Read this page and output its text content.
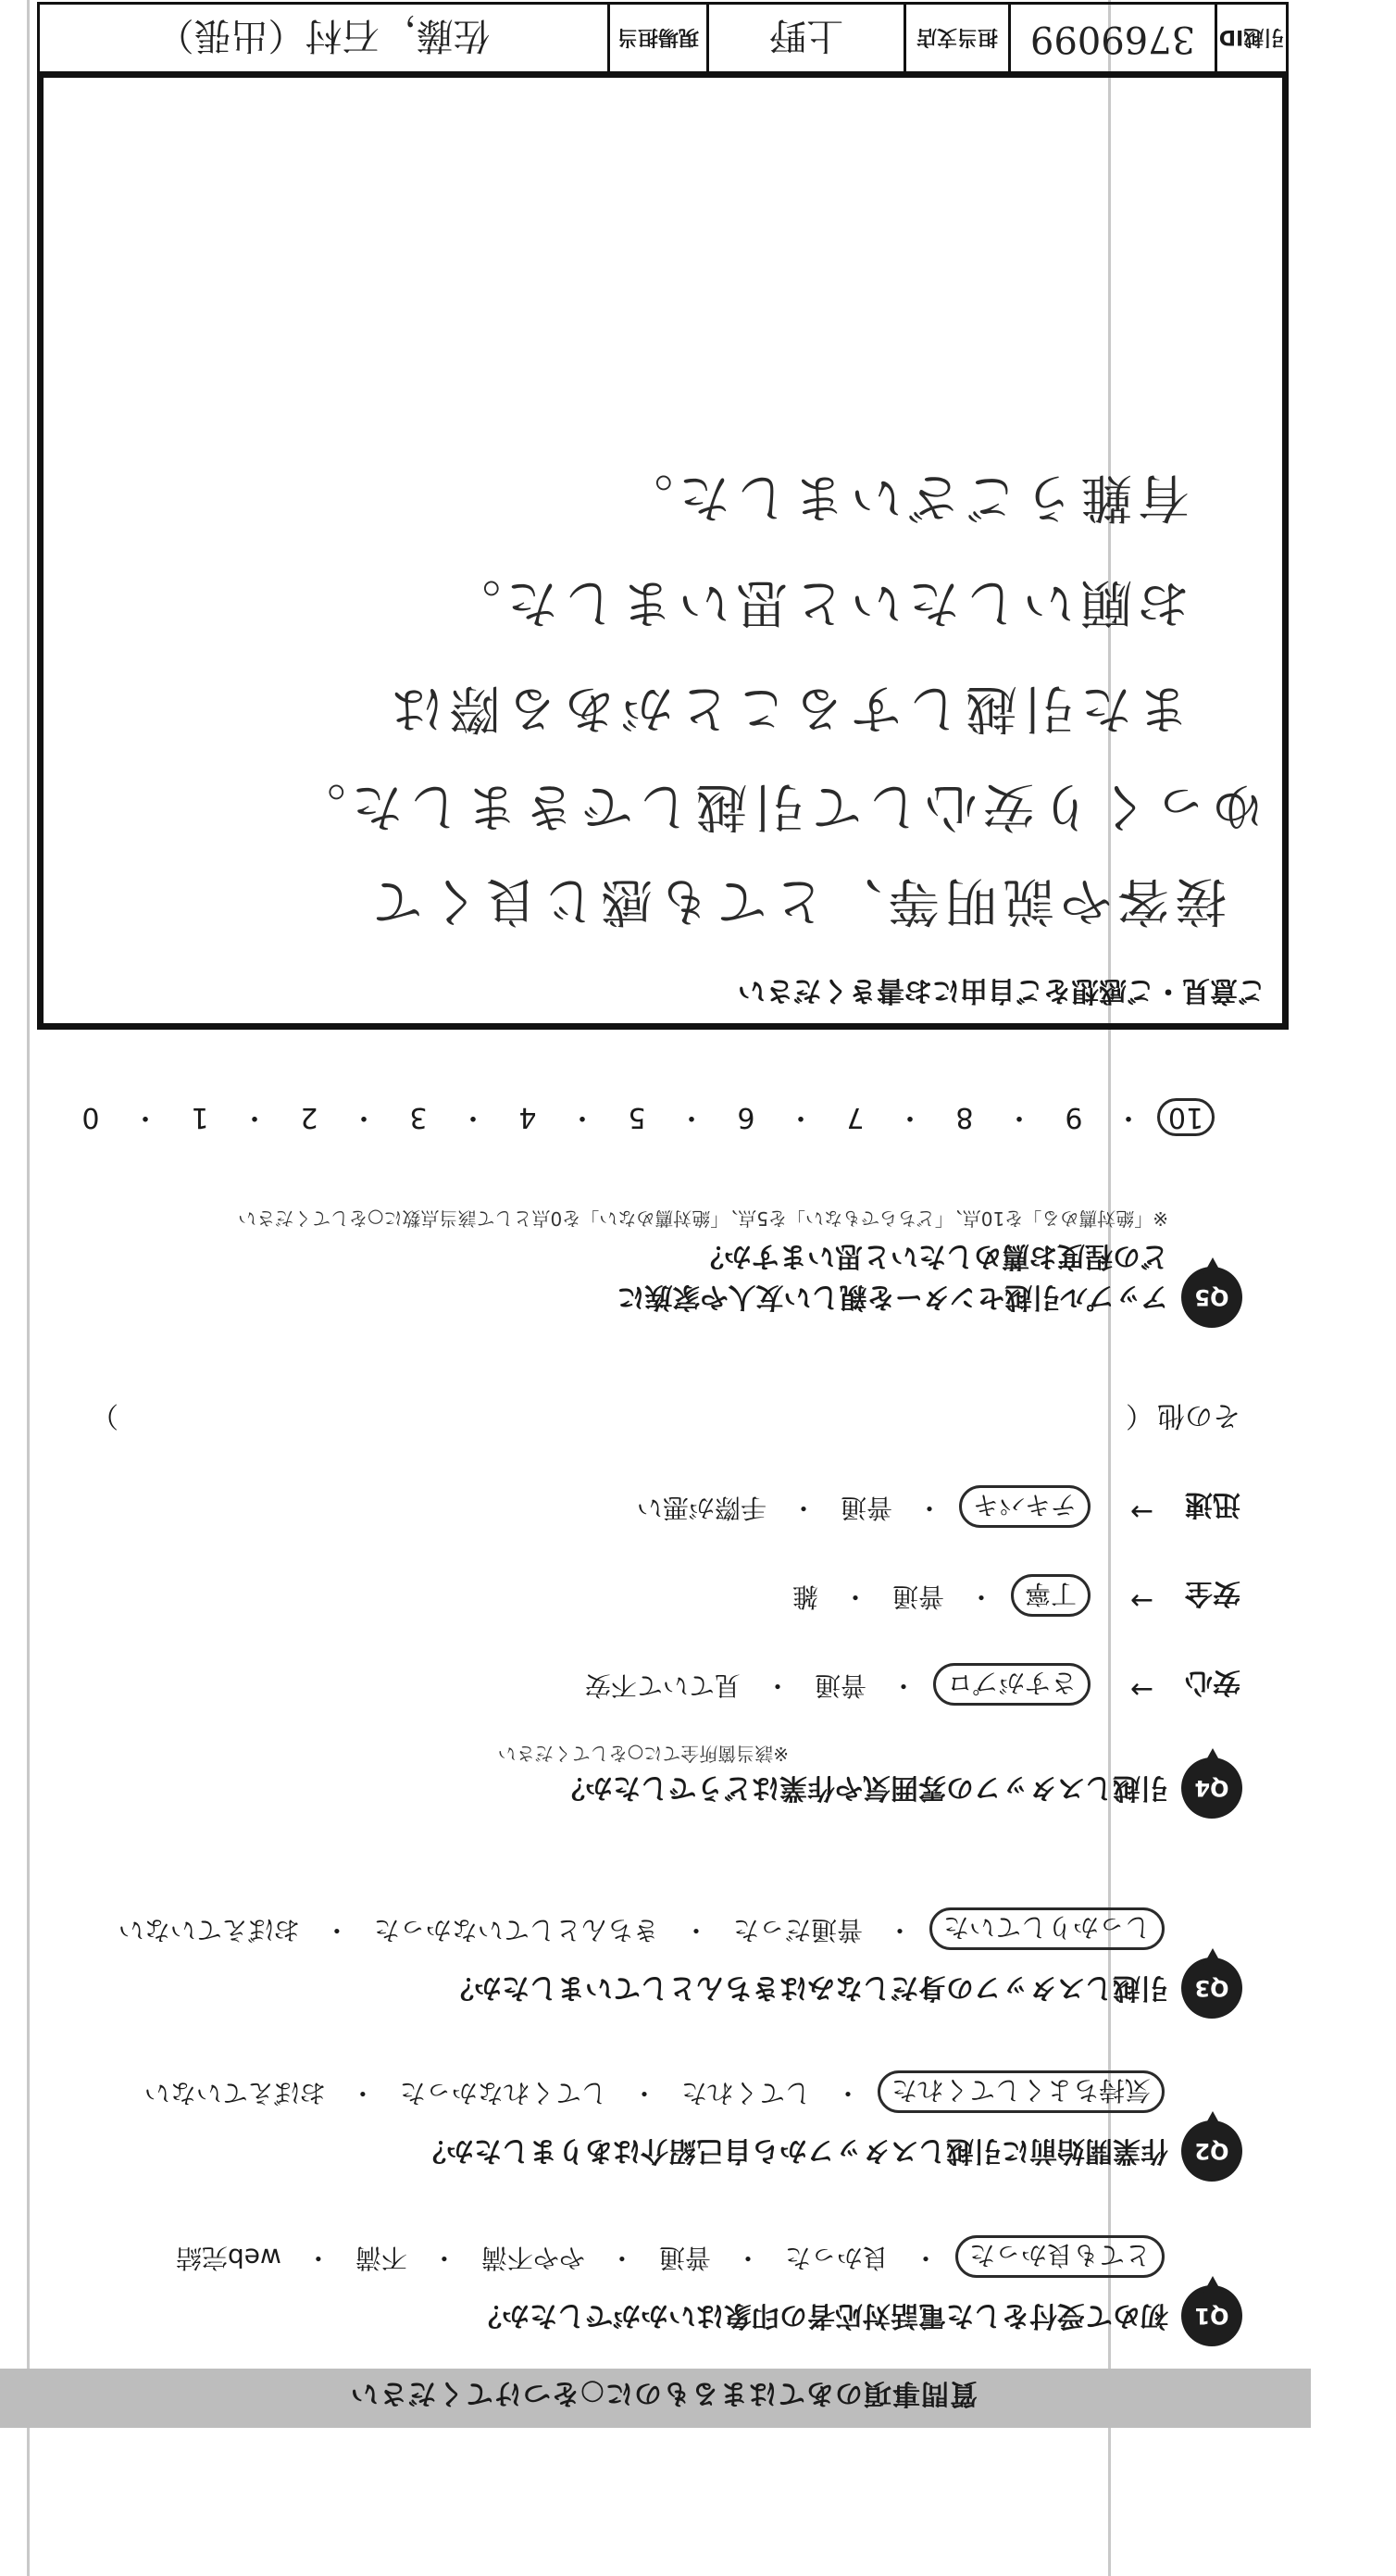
質問事項のあてはまるものに○をつけてください
Q1
初めて受付をした電話対応者の印象はいかがでしたか？
とても良かった
・
良かった
・
普通
・
やや不満
・
不満
・
web完結
Q2
作業開始前に引越しスタッフから自己紹介はありましたか？
気持ちよくしてくれた
・
してくれた
・
してくれなかった
・
おぼえていない
Q3
引越しスタッフの身だしなみはきちんとしていましたか？
しっかりしていた
・
普通だった
・
きちんとしていなかった
・
おぼえていない
Q4
引越しスタッフの雰囲気や作業はどうでしたか？
※該当箇所全てに○をしてください
安心
→
さすがプロ
・
普通
・
見ていて不安
安全
→
丁寧
・
普通
・
雑
迅速
→
テキパキ
・
普通
・
手際が悪い
その他
（
）
Q5
アップル引越センターを親しい友人や家族に
どの程度お薦めしたいと思いますか？
※「絶対薦める」を10点、「どちらでもない」を5点、「絶対薦めない」を0点として該当点数に○をしてください
10・9・8・7・6・5・4・3・2・1・0
ご意見・ご感想をご自由にお書きください
接客や説明等、とても感じ良くて
ゆっくり安心して引越しできました。
また引越しすることがある際は
お願いしたいと思いました。
有難うございました。
引越ID
3769099
担当支店
上野
現場担当
佐藤，石村（出張）
